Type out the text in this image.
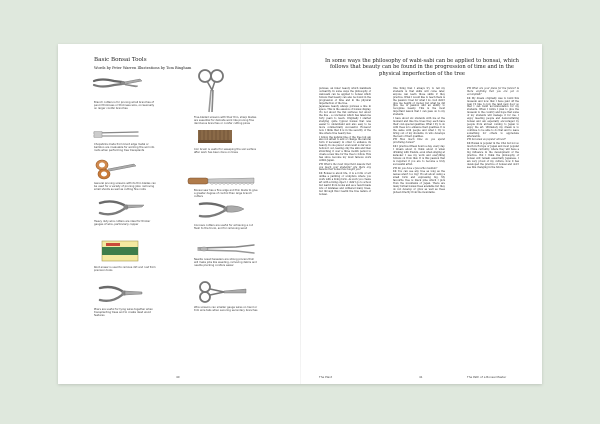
Basic Bonsai Tools
Words by Peter Warren Illustrations by Tom Bingham
Branch cutters is for pruning small branches of pencil thickness or thickness wire, occasionally on larger conifer branches
Fine-bladed scissors with their thin, sharp blades are essential for delicate work like pruning fine deciduous branches or conifer cutting pines
Chopsticks made from blunt edge metal or bamboo are invaluable for working the soil into roots when performing tree transplants	Coir brush is useful for sweeping the soil surface after work has been done on trees
General pruning scissors with its thin blades can be used for a variety of pruning jobs: removing small shoots as well as cutting fine roots	Bonsai saw has a fine edge and thin blade to give a greater degree of control than large branch cutters
Heavy duty wire cutters are ideal for thicker gauges of wire, particularly copper	Concave cutters are useful for achieving a cut flush to the trunk, and for removing wood
Root eraser is used to remove dirt and rust from precision tools
Needle nosed tweezers are strong pincers that will make jobs like weeding, removing debris and needle plucking conifers easier
Pliers are useful for tying wires together when transplanting trees and to create dead wood features
Wire scissors can smaller gauge wires on hand or trim wire tails when securing secondary branches
40
In some ways the philosophy of wabi-sabi can be applied to bonsai, which follows that beauty can be found in the progression of time and in the physical imperfection of the tree

pursues, an inner beauty which manifests outwardly. In some ways the philosophy of wabi-sabi can be applied to bonsai which follows that beauty can also be found in the progression of time and in the physical imperfection of the tree.

Japanese beauty always pursues a line in space. This is the essence of bonsai display, it's not about the flat surfaces but about the line – a conclusion which has taken me forty years to reach. Originally I started studying quite typical bonsai that was easier to understand and also easy to be more commercially successful. However now I think that it is in the severity of the line where true beauty lies.

I follow the natural line of the tree but am also not afraid to add or change the natural form if necessary in order to enhance its beauty. In one piece I even went so far as to hollow it out, leaving only the skin and then stretching it over a three month period to create a new line for the tree to follow. This has since become my most famous work within Japan.

PW What's the most important lessons that you teach your students? Are there any lessons that bonsai has taught you?

KK Bonsai is about life, it is a form of art unlike a painting or sculpture where you work with a living form. As such you create art with a living object. I didn't go to school but learnt from books and as a result made lots of mistakes and withered many trees, but through this I learnt the true nature of bonsai.

One thing that I always try to tell my students is that skills will come later, anyone can learn those skills if they practice. What I would like to teach them is the passion I feel for what I do. God didn't give me height or money but what he did give me is passion and an ability to recognise beauty. This is the most important lesson that I can pass on to my students.

I have about six students with me at the moment and like the trees they each have their own special qualities. What I try to do with trees is to enhance their qualities. It is the same with people and what I try to bring out of my students, in who develops the best of their qualities.

PW How much time do you spend practising bonsai?

KK I practice fifteen hours a day, every day. I dream about it, think about it when drinking with friends, even when singing at karaoke! I see my work and everything follows on from that. It is this passion that is required if you are to become a truly successful artist.

PW Do you have a favourite medium?

KK You can see any tree as long as the leaves aren't too big! It's all about using a small form and expressing big. My favourite tree is black pine which I pick from the mountains of Japan. There are many formal bonsai trees available but they do not develop or grow as well as trees picked directly from the mountains.

PW What are your plans for the future? Is there anything that you are yet to accomplish?

KK My dream originally was to build this museum and now that I have paid off the loan I'd like to buy the land next door so that I can build accommodation for my students. When I retire I plan to give the museum to the country and hope that some of my students will manage it for me. I enjoy meeting people and demonstrating bonsai and am especially encouraged by people from abroad coming to Japan to enjoy the art. Ultimately my dream is to continue to be able to do that and to leave something for others to appreciate afterwards.

PW Is bonsai as popular abroad?

KK Bonsai is popular in the USA but not so much in Europe or Japan and most popular in China currently, where they will have a big influence in the development of the practice. But I think the philosophy of bonsai will remain essentially Japanese. I am very proud of my culture, how it has developed the practice of bonsai and don't see this changing in the future.

The Plant	41	The Path of a Bonsai Master
